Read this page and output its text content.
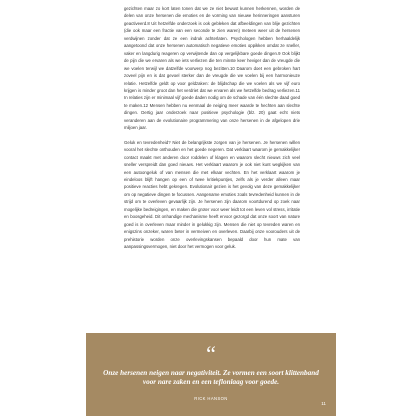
gezichten maar zo kort laten tonen dat we ze niet bewust kunnen herkennen, worden de delen van onze hersenen die emoties en de vorming van nieuwe herinneringen aansturen geactiveerd.8 Uit hetzelfde onderzoek is ook gebleken dat afbeeldingen van blije gezichten (die ook maar een fractie van een seconde te zien waren) meteen weer uit de hersenen verdwijnen zonder dat ze een indruk achterlaten. Psychologen hebben herhaaldelijk aangetoond dat onze hersenen automatisch negatieve emoties oppikken omdat ze sneller, vaker en langdurig reageren op verwijtende dan op vergelijkbare goede dingen.9 Ook blijkt de pijn die we ervaren als we iets verliezen die ten minste keer heviger dan de vreugde die we voelen terwijl we datzelfde voorwerp nog bezitten.10 Daarom doet een gebroken hart zoveel pijn en is dat gevoel sterker dan de vreugde die we voelen bij een harmonieuze relatie. Hetzelfde geldt op voor geldzaken: de blijdschap die we voelen als we vijf euro krijgen is minder groot dan het verdriet dat we ervaren als we hetzelfde bedrag verliezen.11 In relaties zijn er minimaal vijf goede daden nodig om de schade van één slechte daad goed te maken.12 Mensen hebben nu eenmaal de neiging meer waarde te hechten aan slechte dingen. Dertig jaar onderzoek naar positieve psychologie (blz. 20) gaat echt niets veranderen aan de evolutionaire programmering van onze hersenen in de afgelopen drie miljoen jaar.

Geluk en tevredenheid? Niet de belangrijkste zorgen van je hersenen. Je hersenen willen vooral het slechte onthouden en het goede negeren. Dat verklaart waarom je gemakkelijker contact maakt met anderen door roddelen of klagen en waarom slecht nieuws zich veel sneller verspreidt dan goed nieuws. Het verklaart waarom je ook niet kunt wegkijken van een autoongeluk of van mensen die met elkaar vechten. En het verklaart waarom je eindeloos blijft hangen op een of twee kritiekpuntjes, zelfs als je verder alleen maar positieve reacties hebt gekregen. Evolutionair gezien is het gevolg van deze gemakkelijker om op negatieve dingen te focussen. Aangename emoties zoals tevredenheid kunnen in de strijd om te overleven gevaarlijk zijn. Je hersenen zijn daarom voortdurend op zoek naar mogelijke bedreigingen, en maken die groter voor weer leidt tot een leven vol stress, irritatie en boosgeheid. Dit onhandige mechanisme heeft ervoor gezorgd dat onze soort van nature goed is in overleven maar minder in gelukkig zijn. Mensen die niet op tevreden waren en enigszins onzeker, waren beter in vermeiven en overleven. Daarbij onze voorouders uit de prehistorie worden onze overlevingskansen bepaald door hun mate van aanpassingsvermogen, niet door het vermogen voor geluk.

“
Onze hersenen neigen naar negativiteit. Ze vormen een soort klittenband voor nare zaken en een teflonlaag voor goede.
RICK HANSON
11
